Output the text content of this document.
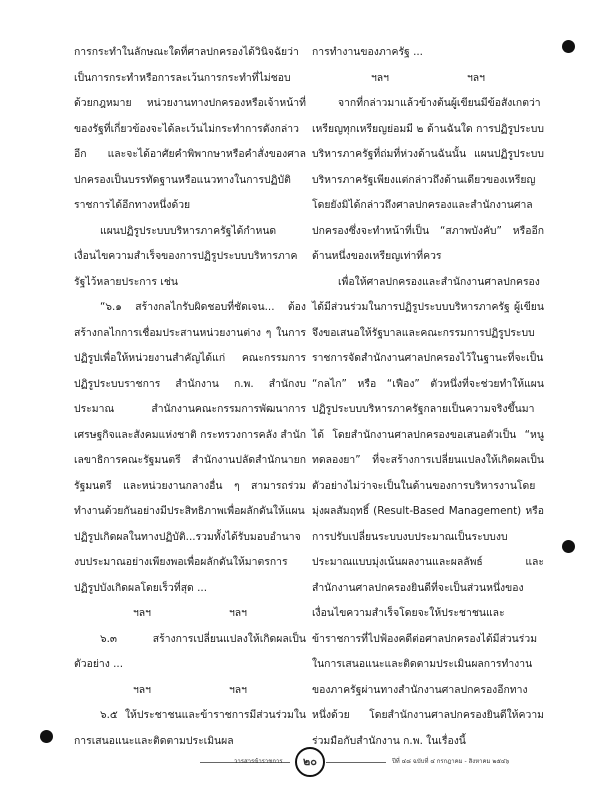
การกระทำในลักษณะใดที่ศาลปกครองได้วินิจฉัยว่าเป็นการกระทำหรือการละเว้นการกระทำที่ไม่ชอบด้วยกฎหมาย หน่วยงานทางปกครองหรือเจ้าหน้าที่ของรัฐที่เกี่ยวข้องจะได้ละเว้นไม่กระทำการดังกล่าวอีก และจะได้อาศัยคำพิพากษาหรือคำสั่งของศาลปกครองเป็นบรรทัดฐานหรือแนวทางในการปฏิบัติราชการได้อีกทางหนึ่งด้วย

แผนปฏิรูประบบบริหารภาครัฐได้กำหนดเงื่อนไขความสำเร็จของการปฏิรูประบบบริหารภาครัฐไว้หลายประการ เช่น

“๖.๑ สร้างกลไกรับผิดชอบที่ชัดเจน... ต้องสร้างกลไกการเชื่อมประสานหน่วยงานต่าง ๆ ในการปฏิรูปเพื่อให้หน่วยงานสำคัญได้แก่ คณะกรรมการปฏิรูประบบราชการ สำนักงาน ก.พ. สำนักงบประมาณ สำนักงานคณะกรรมการพัฒนาการเศรษฐกิจและสังคมแห่งชาติ กระทรวงการคลัง สำนักเลขาธิการคณะรัฐมนตรี สำนักงานปลัดสำนักนายกรัฐมนตรี และหน่วยงานกลางอื่น ๆ สามารถร่วมทำงานด้วยกันอย่างมีประสิทธิภาพเพื่อผลักดันให้แผนปฏิรูปเกิดผลในทางปฏิบัติ...รวมทั้งได้รับมอบอำนาจงบประมาณอย่างเพียงพอเพื่อผลักดันให้มาตรการปฏิรูปบังเกิดผลโดยเร็วที่สุด ...

ฯลฯ	ฯลฯ

๖.๓ สร้างการเปลี่ยนแปลงให้เกิดผลเป็นตัวอย่าง ...

ฯลฯ	ฯลฯ

๖.๕ ให้ประชาชนและข้าราชการมีส่วนร่วมในการเสนอแนะและติดตามประเมินผล

การทำงานของภาครัฐ ...

ฯลฯ	ฯลฯ

จากที่กล่าวมาแล้วข้างต้นผู้เขียนมีข้อสังเกตว่า เหรียญทุกเหรียญย่อมมี ๒ ด้านฉันใด การปฏิรูประบบบริหารภาครัฐที่ถ่มที่ห่วงด้านฉันนั้น แผนปฏิรูประบบบริหารภาครัฐเพียงแต่กล่าวถึงด้านเดียวของเหรียญ โดยยังมิได้กล่าวถึงศาลปกครองและสำนักงานศาลปกครองซึ่งจะทำหน้าที่เป็น “สภาพบังคับ” หรืออีกด้านหนึ่งของเหรียญเท่าที่ควร

เพื่อให้ศาลปกครองและสำนักงานศาลปกครองได้มีส่วนร่วมในการปฏิรูประบบบริหารภาครัฐ ผู้เขียนจึงขอเสนอให้รัฐบาลและคณะกรรมการปฏิรูประบบราชการจัดสำนักงานศาลปกครองไว้ในฐานะที่จะเป็น “กลไก” หรือ “เฟือง” ตัวหนึ่งที่จะช่วยทำให้แผนปฏิรูประบบบริหารภาครัฐกลายเป็นความจริงขึ้นมาได้ โดยสำนักงานศาลปกครองขอเสนอตัวเป็น “หนูทดลองยา” ที่จะสร้างการเปลี่ยนแปลงให้เกิดผลเป็นตัวอย่างไม่ว่าจะเป็นในด้านของการบริหารงานโดยมุ่งผลสัมฤทธิ์ (Result-Based Management) หรือการปรับเปลี่ยนระบบงบประมาณเป็นระบบงบประมาณแบบมุ่งเน้นผลงานและผลลัพธ์ และสำนักงานศาลปกครองยินดีที่จะเป็นส่วนหนึ่งของเงื่อนไขความสำเร็จโดยจะให้ประชาชนและข้าราชการที่ไปฟ้องคดีต่อศาลปกครองได้มีส่วนร่วมในการเสนอแนะและติดตามประเมินผลการทำงานของภาครัฐผ่านทางสำนักงานศาลปกครองอีกทางหนึ่งด้วย โดยสำนักงานศาลปกครองยินดีให้ความร่วมมือกับสำนักงาน ก.พ. ในเรื่องนี้

วารสารข้าราชการ	๒๐	ปีที่ ๔๘ ฉบับที่ ๔ กรกฎาคม - สิงหาคม ๒๕๔๖
